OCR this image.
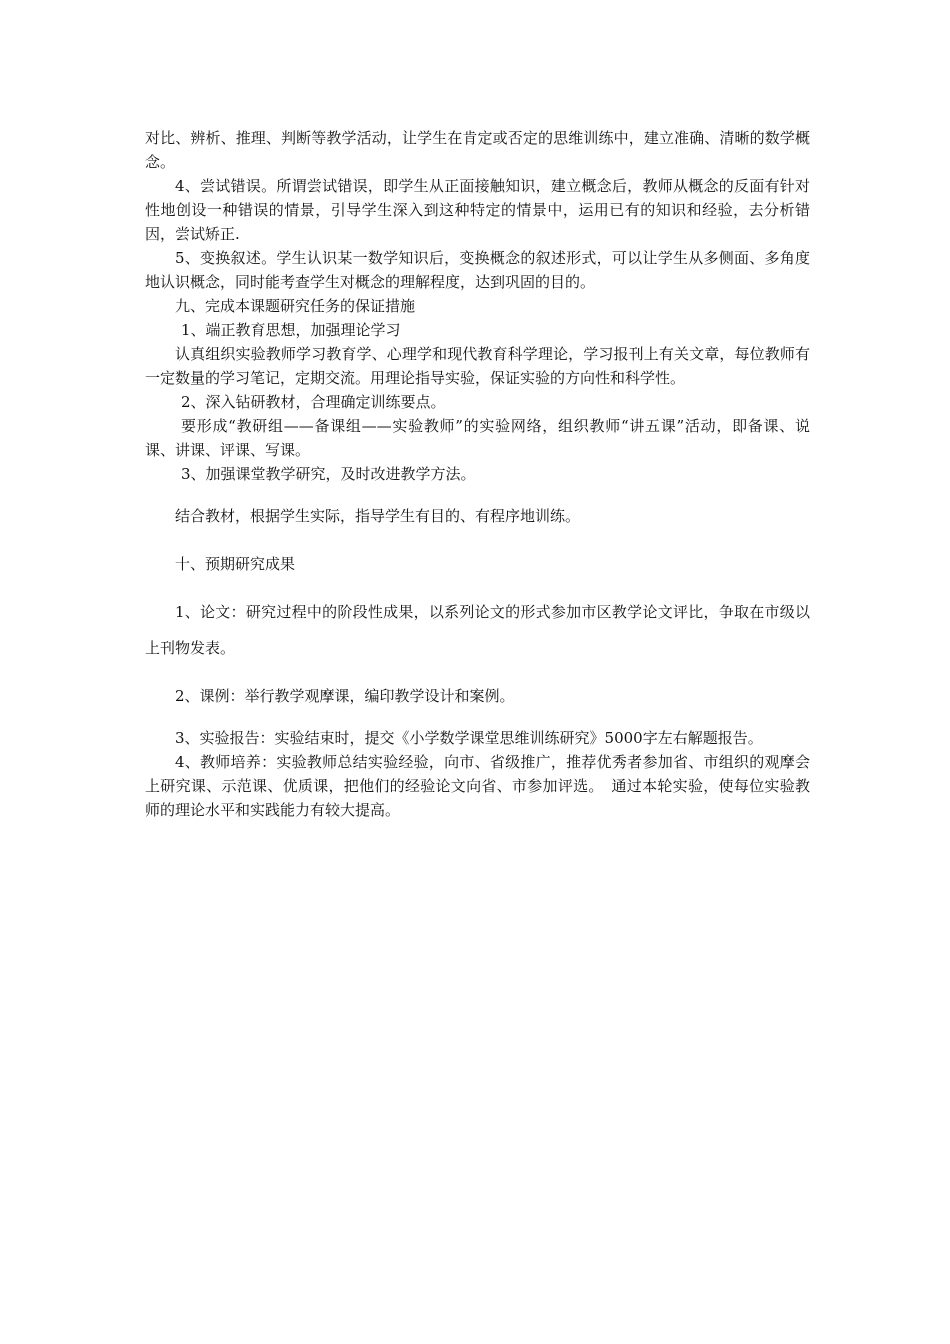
对比、辨析、推理、判断等教学活动，让学生在肯定或否定的思维训练中，建立准确、清晰的数学概念。

4、尝试错误。所谓尝试错误，即学生从正面接触知识，建立概念后，教师从概念的反面有针对性地创设一种错误的情景，引导学生深入到这种特定的情景中，运用已有的知识和经验，去分析错因，尝试矫正.

5、变换叙述。学生认识某一数学知识后，变换概念的叙述形式，可以让学生从多侧面、多角度地认识概念，同时能考查学生对概念的理解程度，达到巩固的目的。

九、完成本课题研究任务的保证措施

1、端正教育思想，加强理论学习

认真组织实验教师学习教育学、心理学和现代教育科学理论，学习报刊上有关文章，每位教师有一定数量的学习笔记，定期交流。用理论指导实验，保证实验的方向性和科学性。

2、深入钻研教材，合理确定训练要点。

要形成“教研组——备课组——实验教师”的实验网络，组织教师“讲五课”活动，即备课、说课、讲课、评课、写课。

3、加强课堂教学研究，及时改进教学方法。

结合教材，根据学生实际，指导学生有目的、有程序地训练。

十、预期研究成果

1、论文：研究过程中的阶段性成果，以系列论文的形式参加市区教学论文评比，争取在市级以上刊物发表。

2、课例：举行教学观摩课，编印教学设计和案例。

3、实验报告：实验结束时，提交《小学数学课堂思维训练研究》5000字左右解题报告。

4、教师培养：实验教师总结实验经验，向市、省级推广，推荐优秀者参加省、市组织的观摩会上研究课、示范课、优质课，把他们的经验论文向省、市参加评选。　通过本轮实验，使每位实验教师的理论水平和实践能力有较大提高。
